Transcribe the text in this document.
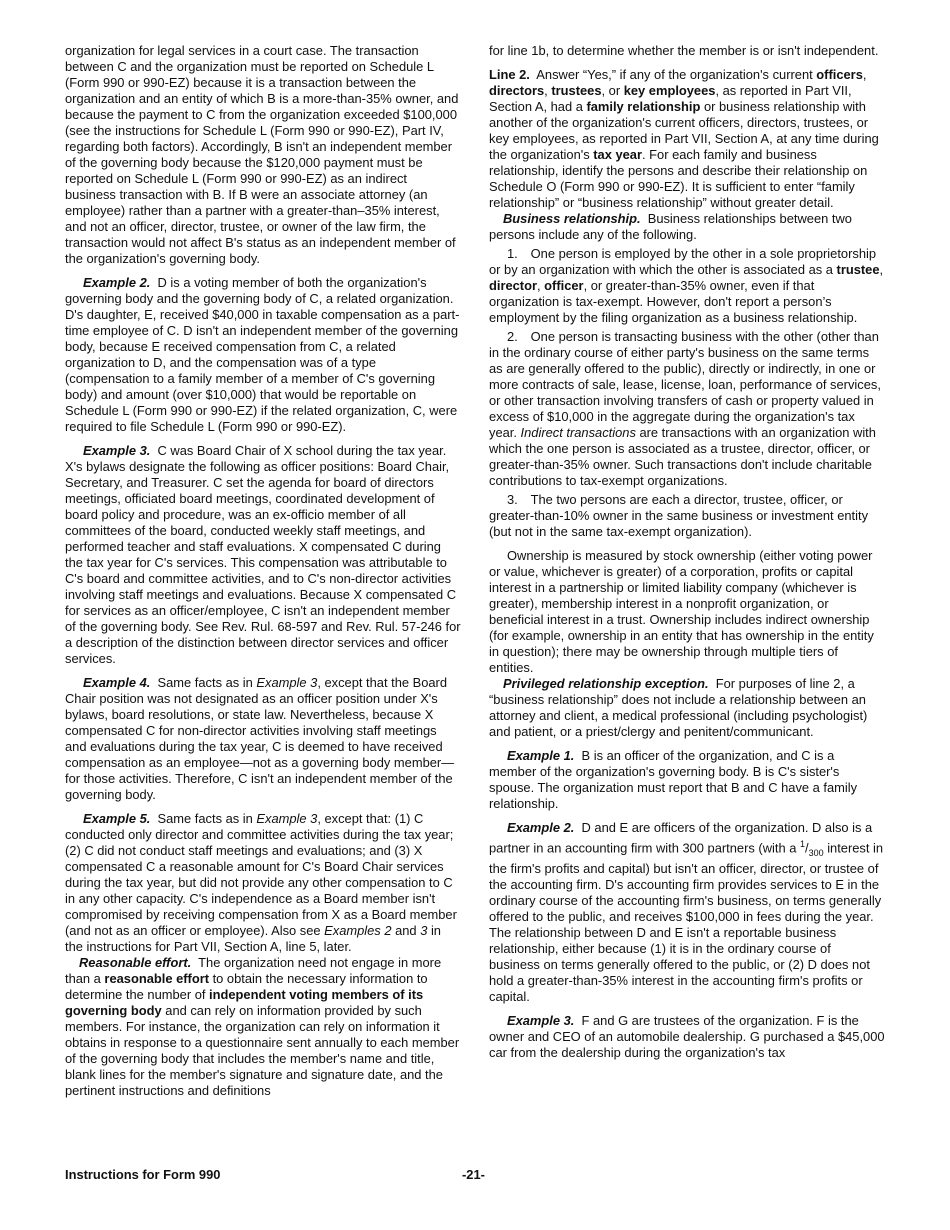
organization for legal services in a court case. The transaction between C and the organization must be reported on Schedule L (Form 990 or 990-EZ) because it is a transaction between the organization and an entity of which B is a more-than-35% owner, and because the payment to C from the organization exceeded $100,000 (see the instructions for Schedule L (Form 990 or 990-EZ), Part IV, regarding both factors). Accordingly, B isn't an independent member of the governing body because the $120,000 payment must be reported on Schedule L (Form 990 or 990-EZ) as an indirect business transaction with B. If B were an associate attorney (an employee) rather than a partner with a greater-than–35% interest, and not an officer, director, trustee, or owner of the law firm, the transaction would not affect B's status as an independent member of the organization's governing body.

Example 2. D is a voting member of both the organization's governing body and the governing body of C, a related organization. D's daughter, E, received $40,000 in taxable compensation as a part-time employee of C. D isn't an independent member of the governing body, because E received compensation from C, a related organization to D, and the compensation was of a type (compensation to a family member of a member of C's governing body) and amount (over $10,000) that would be reportable on Schedule L (Form 990 or 990-EZ) if the related organization, C, were required to file Schedule L (Form 990 or 990-EZ).

Example 3. C was Board Chair of X school during the tax year. X's bylaws designate the following as officer positions: Board Chair, Secretary, and Treasurer. C set the agenda for board of directors meetings, officiated board meetings, coordinated development of board policy and procedure, was an ex-officio member of all committees of the board, conducted weekly staff meetings, and performed teacher and staff evaluations. X compensated C during the tax year for C's services. This compensation was attributable to C's board and committee activities, and to C's non-director activities involving staff meetings and evaluations. Because X compensated C for services as an officer/employee, C isn't an independent member of the governing body. See Rev. Rul. 68-597 and Rev. Rul. 57-246 for a description of the distinction between director services and officer services.

Example 4. Same facts as in Example 3, except that the Board Chair position was not designated as an officer position under X's bylaws, board resolutions, or state law. Nevertheless, because X compensated C for non-director activities involving staff meetings and evaluations during the tax year, C is deemed to have received compensation as an employee—not as a governing body member— for those activities. Therefore, C isn't an independent member of the governing body.

Example 5. Same facts as in Example 3, except that: (1) C conducted only director and committee activities during the tax year; (2) C did not conduct staff meetings and evaluations; and (3) X compensated C a reasonable amount for C's Board Chair services during the tax year, but did not provide any other compensation to C in any other capacity. C's independence as a Board member isn't compromised by receiving compensation from X as a Board member (and not as an officer or employee). Also see Examples 2 and 3 in the instructions for Part VII, Section A, line 5, later.

Reasonable effort. The organization need not engage in more than a reasonable effort to obtain the necessary information to determine the number of independent voting members of its governing body and can rely on information provided by such members. For instance, the organization can rely on information it obtains in response to a questionnaire sent annually to each member of the governing body that includes the member's name and title, blank lines for the member's signature and signature date, and the pertinent instructions and definitions

for line 1b, to determine whether the member is or isn't independent.

Line 2. Answer “Yes,” if any of the organization's current officers, directors, trustees, or key employees, as reported in Part VII, Section A, had a family relationship or business relationship with another of the organization's current officers, directors, trustees, or key employees, as reported in Part VII, Section A, at any time during the organization's tax year. For each family and business relationship, identify the persons and describe their relationship on Schedule O (Form 990 or 990-EZ). It is sufficient to enter “family relationship” or “business relationship” without greater detail.

Business relationship. Business relationships between two persons include any of the following.

1. One person is employed by the other in a sole proprietorship or by an organization with which the other is associated as a trustee, director, officer, or greater-than-35% owner, even if that organization is tax-exempt. However, don't report a person’s employment by the filing organization as a business relationship.

2. One person is transacting business with the other (other than in the ordinary course of either party's business on the same terms as are generally offered to the public), directly or indirectly, in one or more contracts of sale, lease, license, loan, performance of services, or other transaction involving transfers of cash or property valued in excess of $10,000 in the aggregate during the organization's tax year. Indirect transactions are transactions with an organization with which the one person is associated as a trustee, director, officer, or greater-than-35% owner. Such transactions don't include charitable contributions to tax-exempt organizations.

3. The two persons are each a director, trustee, officer, or greater-than-10% owner in the same business or investment entity (but not in the same tax-exempt organization).

Ownership is measured by stock ownership (either voting power or value, whichever is greater) of a corporation, profits or capital interest in a partnership or limited liability company (whichever is greater), membership interest in a nonprofit organization, or beneficial interest in a trust. Ownership includes indirect ownership (for example, ownership in an entity that has ownership in the entity in question); there may be ownership through multiple tiers of entities.

Privileged relationship exception. For purposes of line 2, a “business relationship” does not include a relationship between an attorney and client, a medical professional (including psychologist) and patient, or a priest/clergy and penitent/communicant.

Example 1. B is an officer of the organization, and C is a member of the organization's governing body. B is C's sister's spouse. The organization must report that B and C have a family relationship.

Example 2. D and E are officers of the organization. D also is a partner in an accounting firm with 300 partners (with a $^1/_{300}$ interest in the firm's profits and capital) but isn't an officer, director, or trustee of the accounting firm. D's accounting firm provides services to E in the ordinary course of the accounting firm's business, on terms generally offered to the public, and receives $100,000 in fees during the year. The relationship between D and E isn't a reportable business relationship, either because (1) it is in the ordinary course of business on terms generally offered to the public, or (2) D does not hold a greater-than-35% interest in the accounting firm's profits or capital.

Example 3. F and G are trustees of the organization. F is the owner and CEO of an automobile dealership. G purchased a $45,000 car from the dealership during the organization's tax

Instructions for Form 990	-21-
